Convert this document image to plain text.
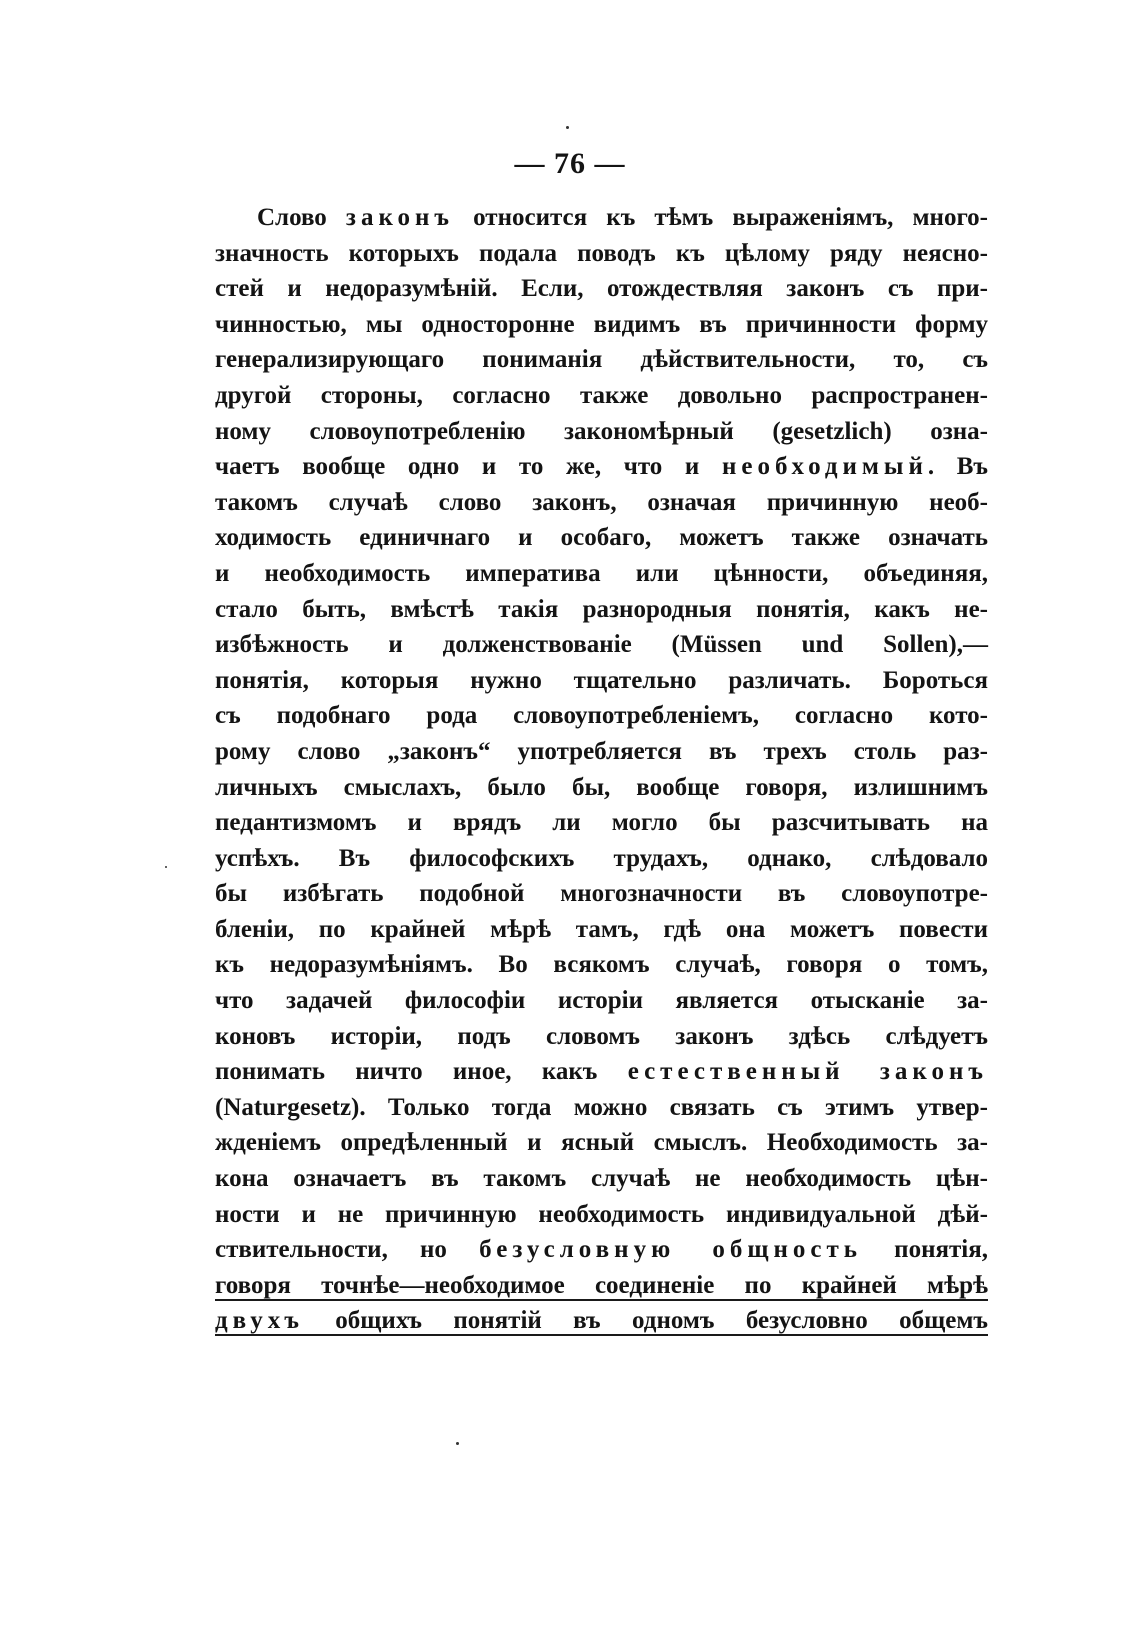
— 76 —
Слово законъ относится къ тѣмъ выраженіямъ, много-
значность которыхъ подала поводъ къ цѣлому ряду неясно-
стей и недоразумѣній. Если, отождествляя законъ съ при-
чинностью, мы односторонне видимъ въ причинности форму
генерализирующаго пониманія дѣйствительности, то, съ
другой стороны, согласно также довольно распространен-
ному словоупотребленію закономѣрный (gesetzlich) озна-
чаетъ вообще одно и то же, что и необходимый. Въ
такомъ случаѣ слово законъ, означая причинную необ-
ходимость единичнаго и особаго, можетъ также означать
и необходимость императива или цѣнности, объединяя,
стало быть, вмѣстѣ такія разнородныя понятія, какъ не-
избѣжность и долженствованіе (Müssen und Sollen),—
понятія, которыя нужно тщательно различать. Бороться
съ подобнаго рода словоупотребленіемъ, согласно кото-
рому слово „законъ“ употребляется въ трехъ столь раз-
личныхъ смыслахъ, было бы, вообще говоря, излишнимъ
педантизмомъ и врядъ ли могло бы разсчитывать на
успѣхъ. Въ философскихъ трудахъ, однако, слѣдовало
бы избѣгать подобной многозначности въ словоупотре-
бленіи, по крайней мѣрѣ тамъ, гдѣ она можетъ повести
къ недоразумѣніямъ. Во всякомъ случаѣ, говоря о томъ,
что задачей философіи исторіи является отысканіе за-
коновъ исторіи, подъ словомъ законъ здѣсь слѣдуетъ
понимать ничто иное, какъ естественный законъ
(Naturgesetz). Только тогда можно связать съ этимъ утвер-
жденіемъ опредѣленный и ясный смыслъ. Необходимость за-
кона означаетъ въ такомъ случаѣ не необходимость цѣн-
ности и не причинную необходимость индивидуальной дѣй-
ствительности, но безусловную общность понятія,
говоря точнѣе—необходимое соединеніе по крайней мѣрѣ
двухъ общихъ понятій въ одномъ безусловно общемъ
